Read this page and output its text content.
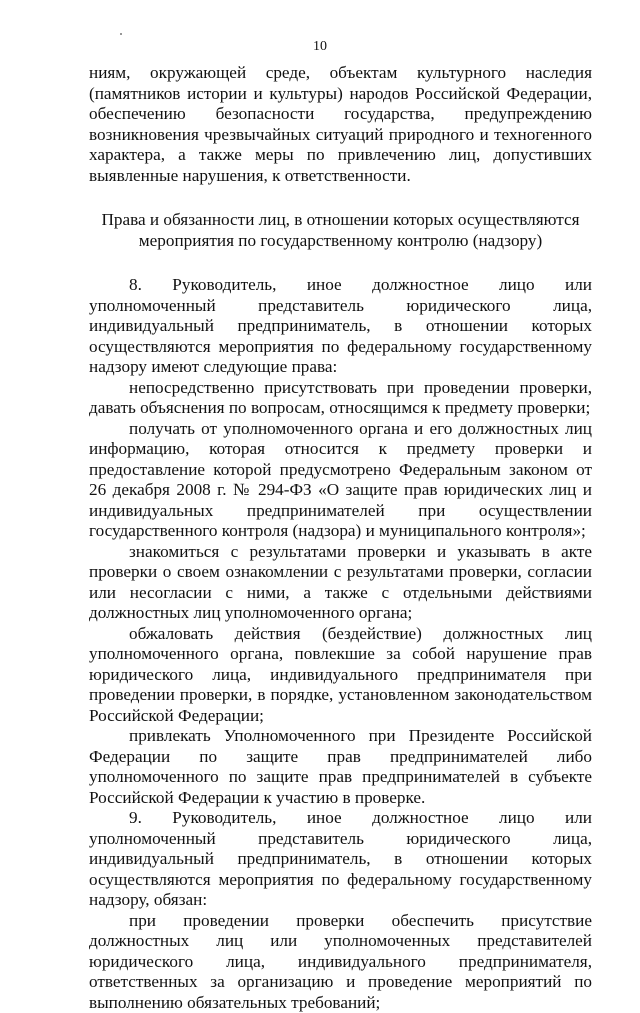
10

ниям, окружающей среде, объектам культурного наследия (памятников истории и культуры) народов Российской Федерации, обеспечению безопасности государства, предупреждению возникновения чрезвычайных ситуаций природного и техногенного характера, а также меры по привлечению лиц, допустивших выявленные нарушения, к ответственности.

Права и обязанности лиц, в отношении которых осуществляются мероприятия по государственному контролю (надзору)

8. Руководитель, иное должностное лицо или уполномоченный представитель юридического лица, индивидуальный предприниматель, в отношении которых осуществляются мероприятия по федеральному государственному надзору имеют следующие права:

непосредственно присутствовать при проведении проверки, давать объяснения по вопросам, относящимся к предмету проверки;

получать от уполномоченного органа и его должностных лиц информацию, которая относится к предмету проверки и предоставление которой предусмотрено Федеральным законом от 26 декабря 2008 г. № 294-ФЗ «О защите прав юридических лиц и индивидуальных предпринимателей при осуществлении государственного контроля (надзора) и муниципального контроля»;

знакомиться с результатами проверки и указывать в акте проверки о своем ознакомлении с результатами проверки, согласии или несогласии с ними, а также с отдельными действиями должностных лиц уполномоченного органа;

обжаловать действия (бездействие) должностных лиц уполномоченного органа, повлекшие за собой нарушение прав юридического лица, индивидуального предпринимателя при проведении проверки, в порядке, установленном законодательством Российской Федерации;

привлекать Уполномоченного при Президенте Российской Федерации по защите прав предпринимателей либо уполномоченного по защите прав предпринимателей в субъекте Российской Федерации к участию в проверке.

9. Руководитель, иное должностное лицо или уполномоченный представитель юридического лица, индивидуальный предприниматель, в отношении которых осуществляются мероприятия по федеральному государственному надзору, обязан:

при проведении проверки обеспечить присутствие должностных лиц или уполномоченных представителей юридического лица, индивидуального предпринимателя, ответственных за организацию и проведение мероприятий по выполнению обязательных требований;
